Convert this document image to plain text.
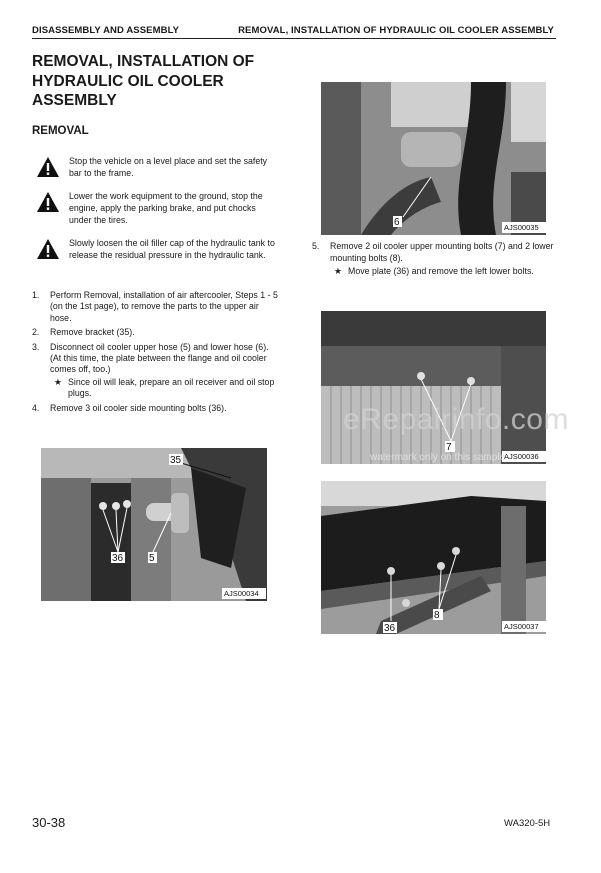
DISASSEMBLY AND ASSEMBLY	REMOVAL, INSTALLATION OF HYDRAULIC OIL COOLER ASSEMBLY
REMOVAL, INSTALLATION OF
HYDRAULIC OIL COOLER
ASSEMBLY
REMOVAL
Stop the vehicle on a level place and set the safety bar to the frame.
Lower the work equipment to the ground, stop the engine, apply the parking brake, and put chocks under the tires.
Slowly loosen the oil filler cap of the hydraulic tank to release the residual pressure in the hydraulic tank.
1. Perform Removal, installation of air aftercooler, Steps 1 - 5 (on the 1st page), to remove the parts to the upper air hose.
2. Remove bracket (35).
3. Disconnect oil cooler upper hose (5) and lower hose (6). (At this time, the plate between the flange and oil cooler comes off, too.)
★ Since oil will leak, prepare an oil receiver and oil stop plugs.
4. Remove 3 oil cooler side mounting bolts (36).
35
36	5
AJS00034
6	AJS00035
5. Remove 2 oil cooler upper mounting bolts (7) and 2 lower mounting bolts (8).
★ Move plate (36) and remove the left lower bolts.
7
AJS00036
36
8
AJS00037
eRepairinfo.com
watermark only on this sample
30-38	WA320-5H
